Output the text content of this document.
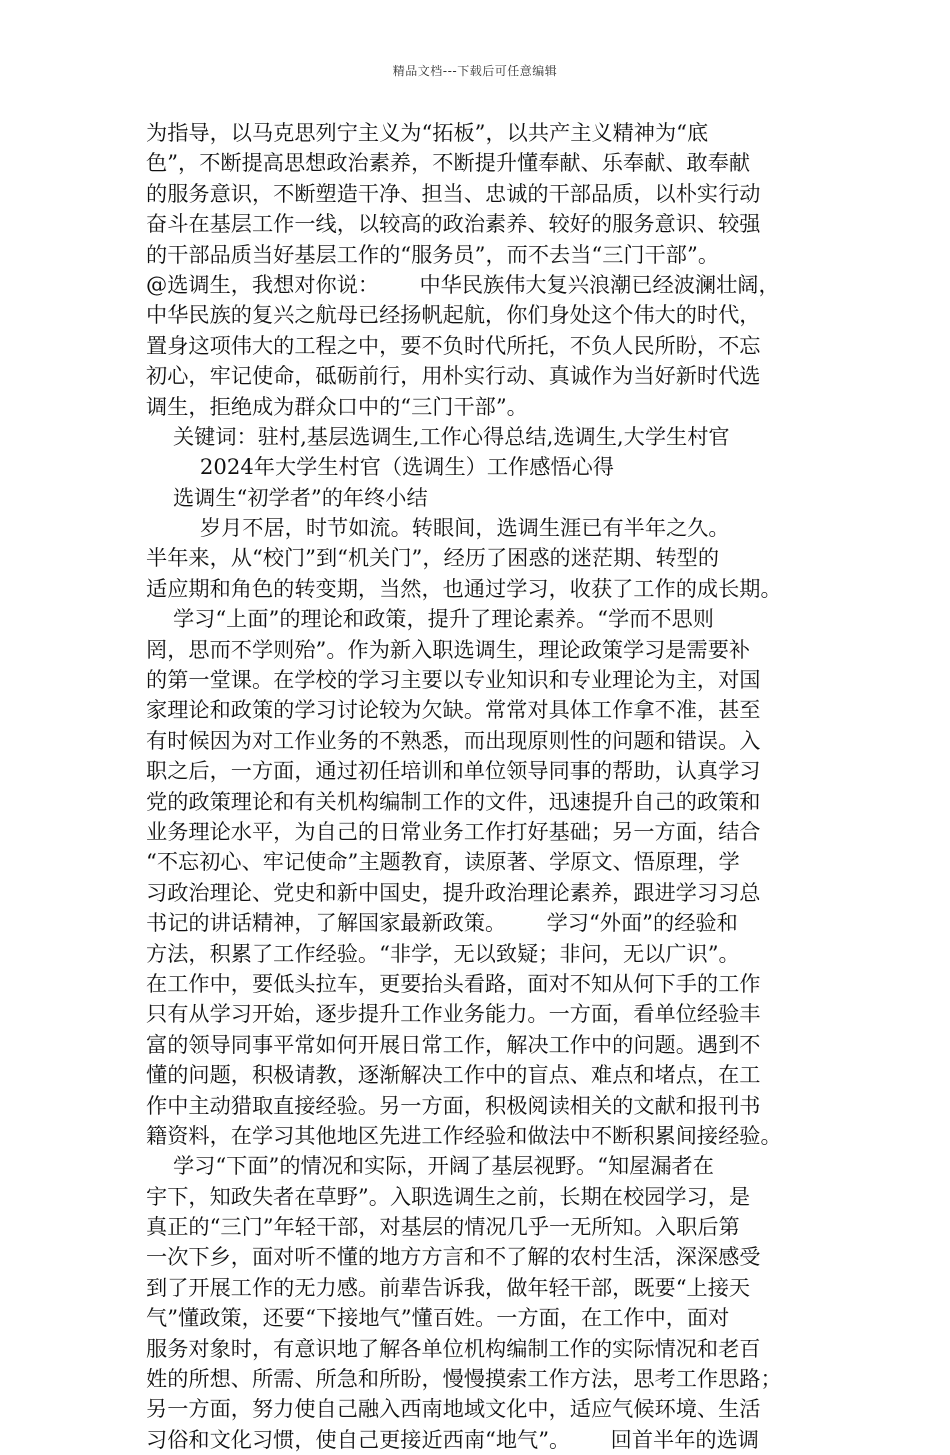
精品文档---下载后可任意编辑
为指导，以马克思列宁主义为“拓板”，以共产主义精神为“底
色”，不断提高思想政治素养，不断提升懂奉献、乐奉献、敢奉献
的服务意识，不断塑造干净、担当、忠诚的干部品质，以朴实行动
奋斗在基层工作一线，以较高的政治素养、较好的服务意识、较强
的干部品质当好基层工作的“服务员”，而不去当“三门干部”。
@选调生，我想对你说：      中华民族伟大复兴浪潮已经波澜壮阔，
中华民族的复兴之航母已经扬帆起航，你们身处这个伟大的时代，
置身这项伟大的工程之中，要不负时代所托，不负人民所盼，不忘
初心，牢记使命，砥砺前行，用朴实行动、真诚作为当好新时代选
调生，拒绝成为群众口中的“三门干部”。
关键词：驻村,基层选调生,工作心得总结,选调生,大学生村官
2024年大学生村官（选调生）工作感悟心得
选调生“初学者”的年终小结
岁月不居，时节如流。转眼间，选调生涯已有半年之久。
半年来，从“校门”到“机关门”，经历了困惑的迷茫期、转型的
适应期和角色的转变期，当然，也通过学习，收获了工作的成长期。
学习“上面”的理论和政策，提升了理论素养。“学而不思则
罔，思而不学则殆”。作为新入职选调生，理论政策学习是需要补
的第一堂课。在学校的学习主要以专业知识和专业理论为主，对国
家理论和政策的学习讨论较为欠缺。常常对具体工作拿不准，甚至
有时候因为对工作业务的不熟悉，而出现原则性的问题和错误。入
职之后，一方面，通过初任培训和单位领导同事的帮助，认真学习
党的政策理论和有关机构编制工作的文件，迅速提升自己的政策和
业务理论水平，为自己的日常业务工作打好基础；另一方面，结合
“不忘初心、牢记使命”主题教育，读原著、学原文、悟原理，学
习政治理论、党史和新中国史，提升政治理论素养，跟进学习习总
书记的讲话精神，了解国家最新政策。      学习“外面”的经验和
方法，积累了工作经验。“非学，无以致疑；非问，无以广识”。
在工作中，要低头拉车，更要抬头看路，面对不知从何下手的工作
只有从学习开始，逐步提升工作业务能力。一方面，看单位经验丰
富的领导同事平常如何开展日常工作，解决工作中的问题。遇到不
懂的问题，积极请教，逐渐解决工作中的盲点、难点和堵点，在工
作中主动猎取直接经验。另一方面，积极阅读相关的文献和报刊书
籍资料，在学习其他地区先进工作经验和做法中不断积累间接经验。
学习“下面”的情况和实际，开阔了基层视野。“知屋漏者在
宇下，知政失者在草野”。入职选调生之前，长期在校园学习，是
真正的“三门”年轻干部，对基层的情况几乎一无所知。入职后第
一次下乡，面对听不懂的地方方言和不了解的农村生活，深深感受
到了开展工作的无力感。前辈告诉我，做年轻干部，既要“上接天
气”懂政策，还要“下接地气”懂百姓。一方面，在工作中，面对
服务对象时，有意识地了解各单位机构编制工作的实际情况和老百
姓的所想、所需、所急和所盼，慢慢摸索工作方法，思考工作思路；
另一方面，努力使自己融入西南地域文化中，适应气候环境、生活
习俗和文化习惯，使自己更接近西南“地气”。      回首半年的选调
